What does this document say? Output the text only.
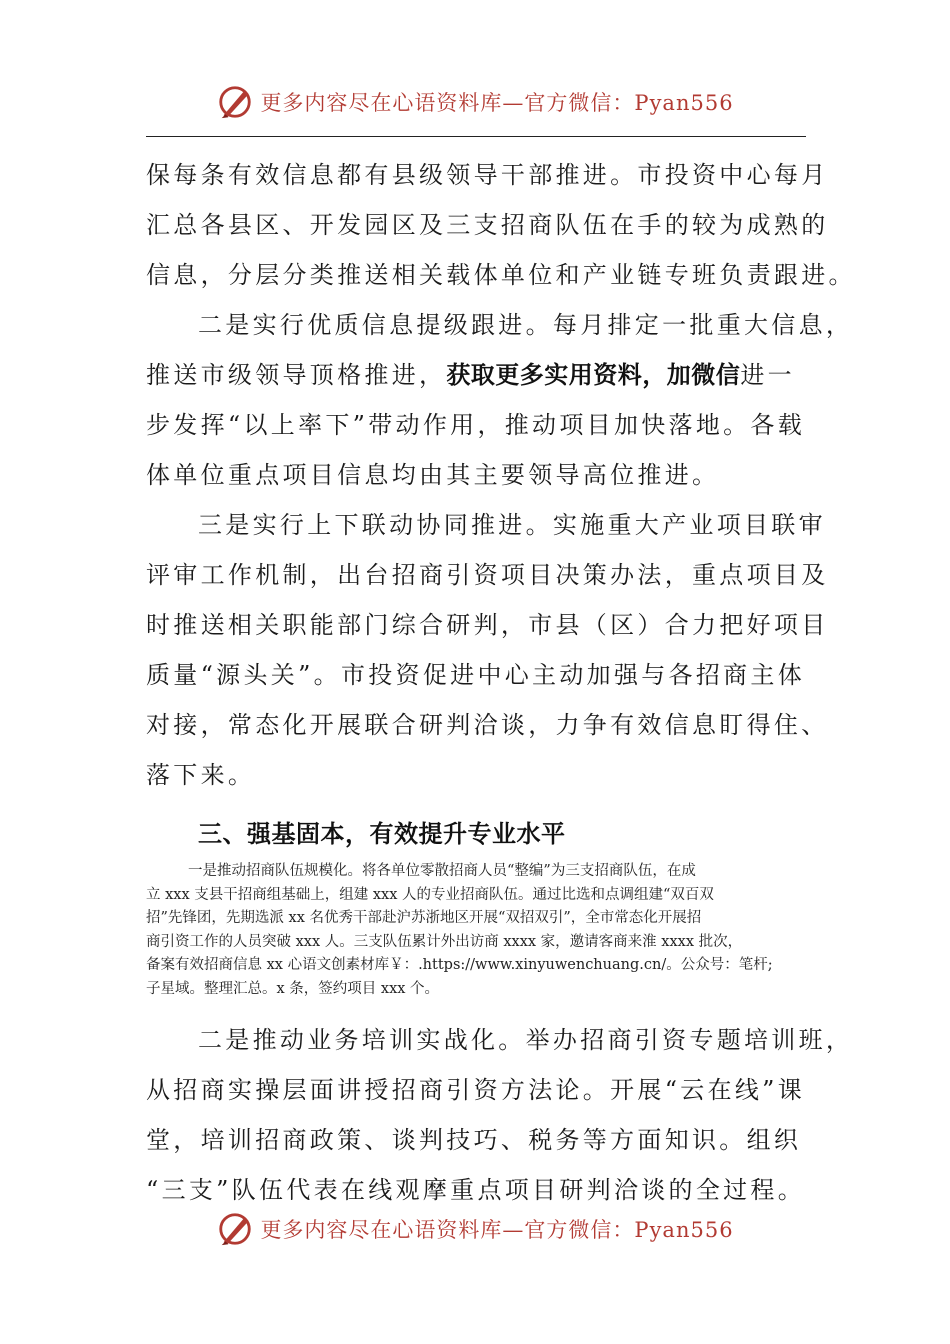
更多内容尽在心语资料库—官方微信：Pyan556

保每条有效信息都有县级领导干部推进。市投资中心每月

汇总各县区、开发园区及三支招商队伍在手的较为成熟的

信息，分层分类推送相关载体单位和产业链专班负责跟进。

二是实行优质信息提级跟进。每月排定一批重大信息，

推送市级领导顶格推进，获取更多实用资料，加微信进一

步发挥“以上率下”带动作用，推动项目加快落地。各载

体单位重点项目信息均由其主要领导高位推进。

三是实行上下联动协同推进。实施重大产业项目联审

评审工作机制，出台招商引资项目决策办法，重点项目及

时推送相关职能部门综合研判，市县（区）合力把好项目

质量“源头关”。市投资促进中心主动加强与各招商主体

对接，常态化开展联合研判洽谈，力争有效信息盯得住、

落下来。

三、强基固本，有效提升专业水平

一是推动招商队伍规模化。将各单位零散招商人员“整编”为三支招商队伍，在成
立 xxx 支县干招商组基础上，组建 xxx 人的专业招商队伍。通过比选和点调组建“双百双
招”先锋团，先期选派 xx 名优秀干部赴沪苏浙地区开展“双招双引”，全市常态化开展招
商引资工作的人员突破 xxx 人。三支队伍累计外出访商 xxxx 家，邀请客商来淮 xxxx 批次，
备案有效招商信息 xx 心语文创素材库￥：.https://www.xinyuwenchuang.cn/。公众号：笔杆;
子星域。整理汇总。x 条，签约项目 xxx 个。

二是推动业务培训实战化。举办招商引资专题培训班，

从招商实操层面讲授招商引资方法论。开展“云在线”课

堂，培训招商政策、谈判技巧、税务等方面知识。组织

“三支”队伍代表在线观摩重点项目研判洽谈的全过程。

更多内容尽在心语资料库—官方微信：Pyan556
